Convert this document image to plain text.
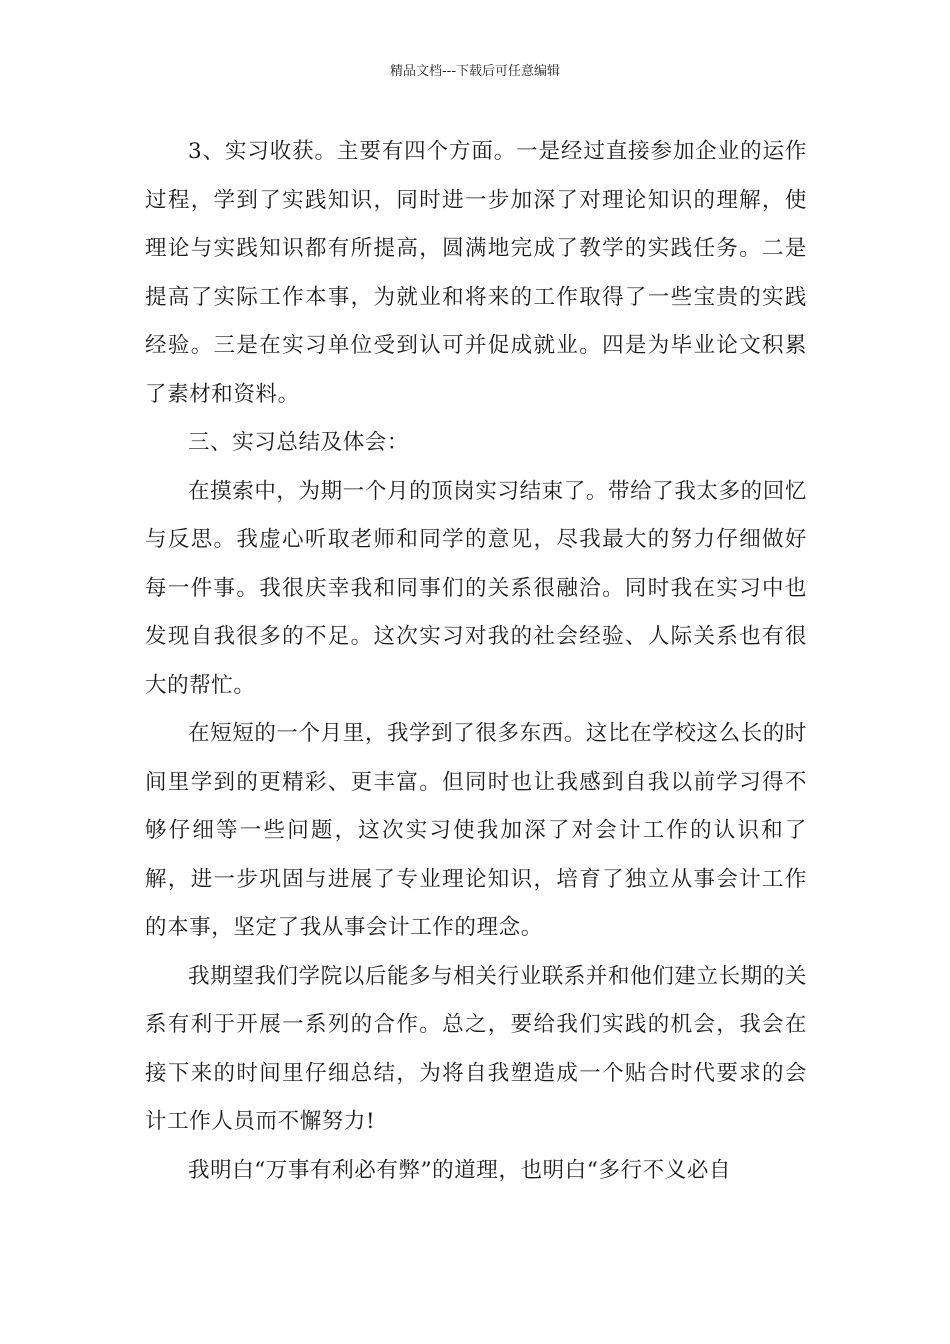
精品文档---下载后可任意编辑

3、实习收获。主要有四个方面。一是经过直接参加企业的运作过程，学到了实践知识，同时进一步加深了对理论知识的理解，使理论与实践知识都有所提高，圆满地完成了教学的实践任务。二是提高了实际工作本事，为就业和将来的工作取得了一些宝贵的实践经验。三是在实习单位受到认可并促成就业。四是为毕业论文积累了素材和资料。

三、实习总结及体会：

在摸索中，为期一个月的顶岗实习结束了。带给了我太多的回忆与反思。我虚心听取老师和同学的意见，尽我最大的努力仔细做好每一件事。我很庆幸我和同事们的关系很融洽。同时我在实习中也发现自我很多的不足。这次实习对我的社会经验、人际关系也有很大的帮忙。

在短短的一个月里，我学到了很多东西。这比在学校这么长的时间里学到的更精彩、更丰富。但同时也让我感到自我以前学习得不够仔细等一些问题，这次实习使我加深了对会计工作的认识和了解，进一步巩固与进展了专业理论知识，培育了独立从事会计工作的本事，坚定了我从事会计工作的理念。

我期望我们学院以后能多与相关行业联系并和他们建立长期的关系有利于开展一系列的合作。总之，要给我们实践的机会，我会在接下来的时间里仔细总结，为将自我塑造成一个贴合时代要求的会计工作人员而不懈努力!

我明白“万事有利必有弊”的道理，也明白“多行不义必自
